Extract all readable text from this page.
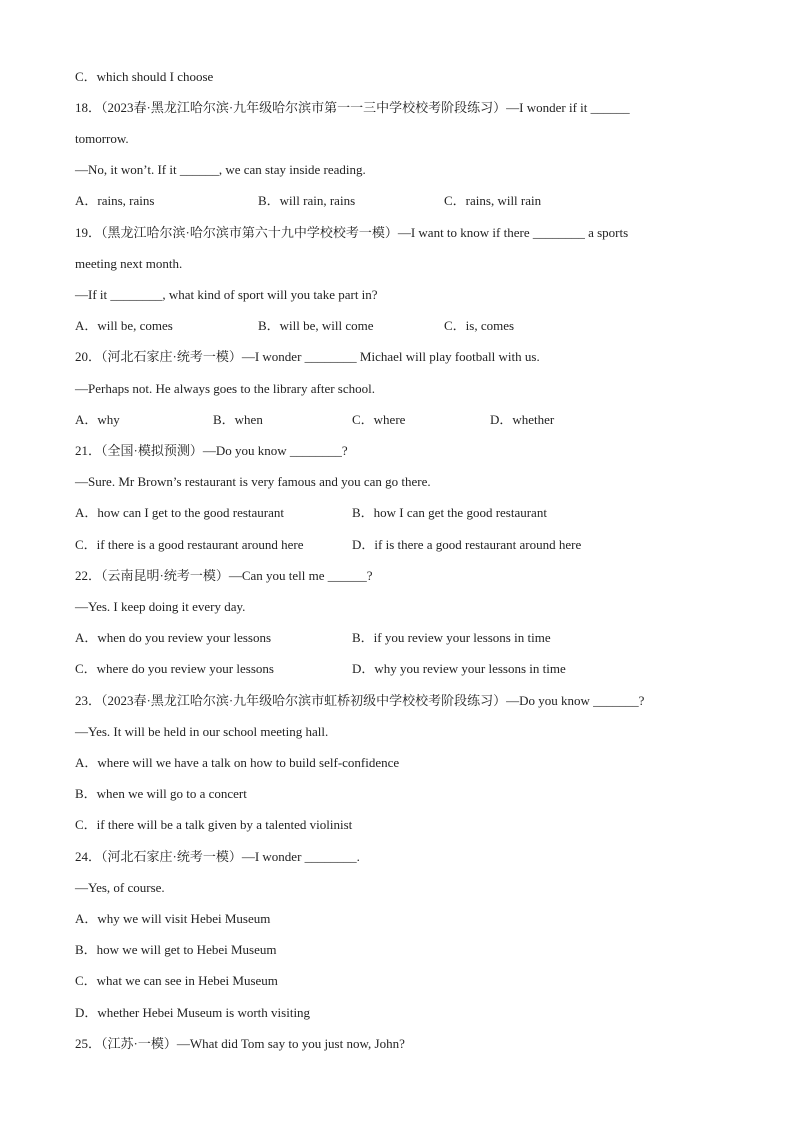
C．which should I choose
18．（2023春·黑龙江哈尔滨·九年级哈尔滨市第一一三中学校校考阶段练习）—I wonder if it ______
tomorrow.
—No, it won’t. If it ______, we can stay inside reading.
A．rains, rains	B．will rain, rains	C．rains, will rain
19．（黑龙江哈尔滨·哈尔滨市第六十九中学校校考一模）—I want to know if there ________ a sports
meeting next month.
—If it ________, what kind of sport will you take part in?
A．will be, comes	B．will be, will come	C．is, comes
20．（河北石家庄·统考一模）—I wonder ________ Michael will play football with us.
—Perhaps not. He always goes to the library after school.
A．why	B．when	C．where	D．whether
21．（全国·模拟预测）—Do you know ________?
—Sure. Mr Brown’s restaurant is very famous and you can go there.
A．how can I get to the good restaurant	B．how I can get the good restaurant
C．if there is a good restaurant around here	D．if is there a good restaurant around here
22．（云南昆明·统考一模）—Can you tell me ______?
—Yes. I keep doing it every day.
A．when do you review your lessons	B．if you review your lessons in time
C．where do you review your lessons	D．why you review your lessons in time
23．（2023春·黑龙江哈尔滨·九年级哈尔滨市虹桥初级中学校校考阶段练习）—Do you know _______?
—Yes. It will be held in our school meeting hall.
A．where will we have a talk on how to build self-confidence
B．when we will go to a concert
C．if there will be a talk given by a talented violinist
24．（河北石家庄·统考一模）—I wonder ________.
—Yes, of course.
A．why we will visit Hebei Museum
B．how we will get to Hebei Museum
C．what we can see in Hebei Museum
D．whether Hebei Museum is worth visiting
25．（江苏·一模）—What did Tom say to you just now, John?
